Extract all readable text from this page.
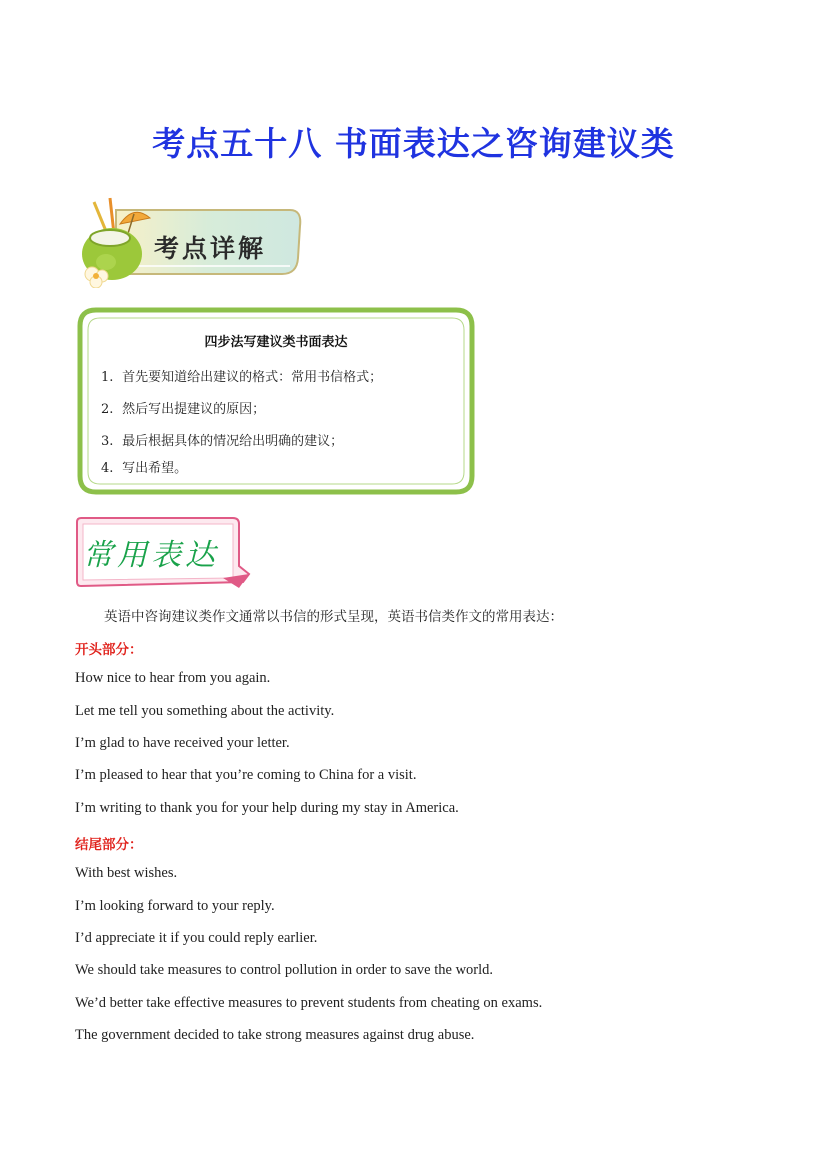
考点五十八 书面表达之咨询建议类
考点详解
四步法写建议类书面表达
1. 首先要知道给出建议的格式：常用书信格式；
2. 然后写出提建议的原因；
3. 最后根据具体的情况给出明确的建议；
4. 写出希望。
常用表达
英语中咨询建议类作文通常以书信的形式呈现，英语书信类作文的常用表达：
开头部分：
How nice to hear from you again.
Let me tell you something about the activity.
I’m glad to have received your letter.
I’m pleased to hear that you’re coming to China for a visit.
I’m writing to thank you for your help during my stay in America.
结尾部分：
With best wishes.
I’m looking forward to your reply.
I’d appreciate it if you could reply earlier.
We should take measures to control pollution in order to save the world.
We’d better take effective measures to prevent students from cheating on exams.
The government decided to take strong measures against drug abuse.
